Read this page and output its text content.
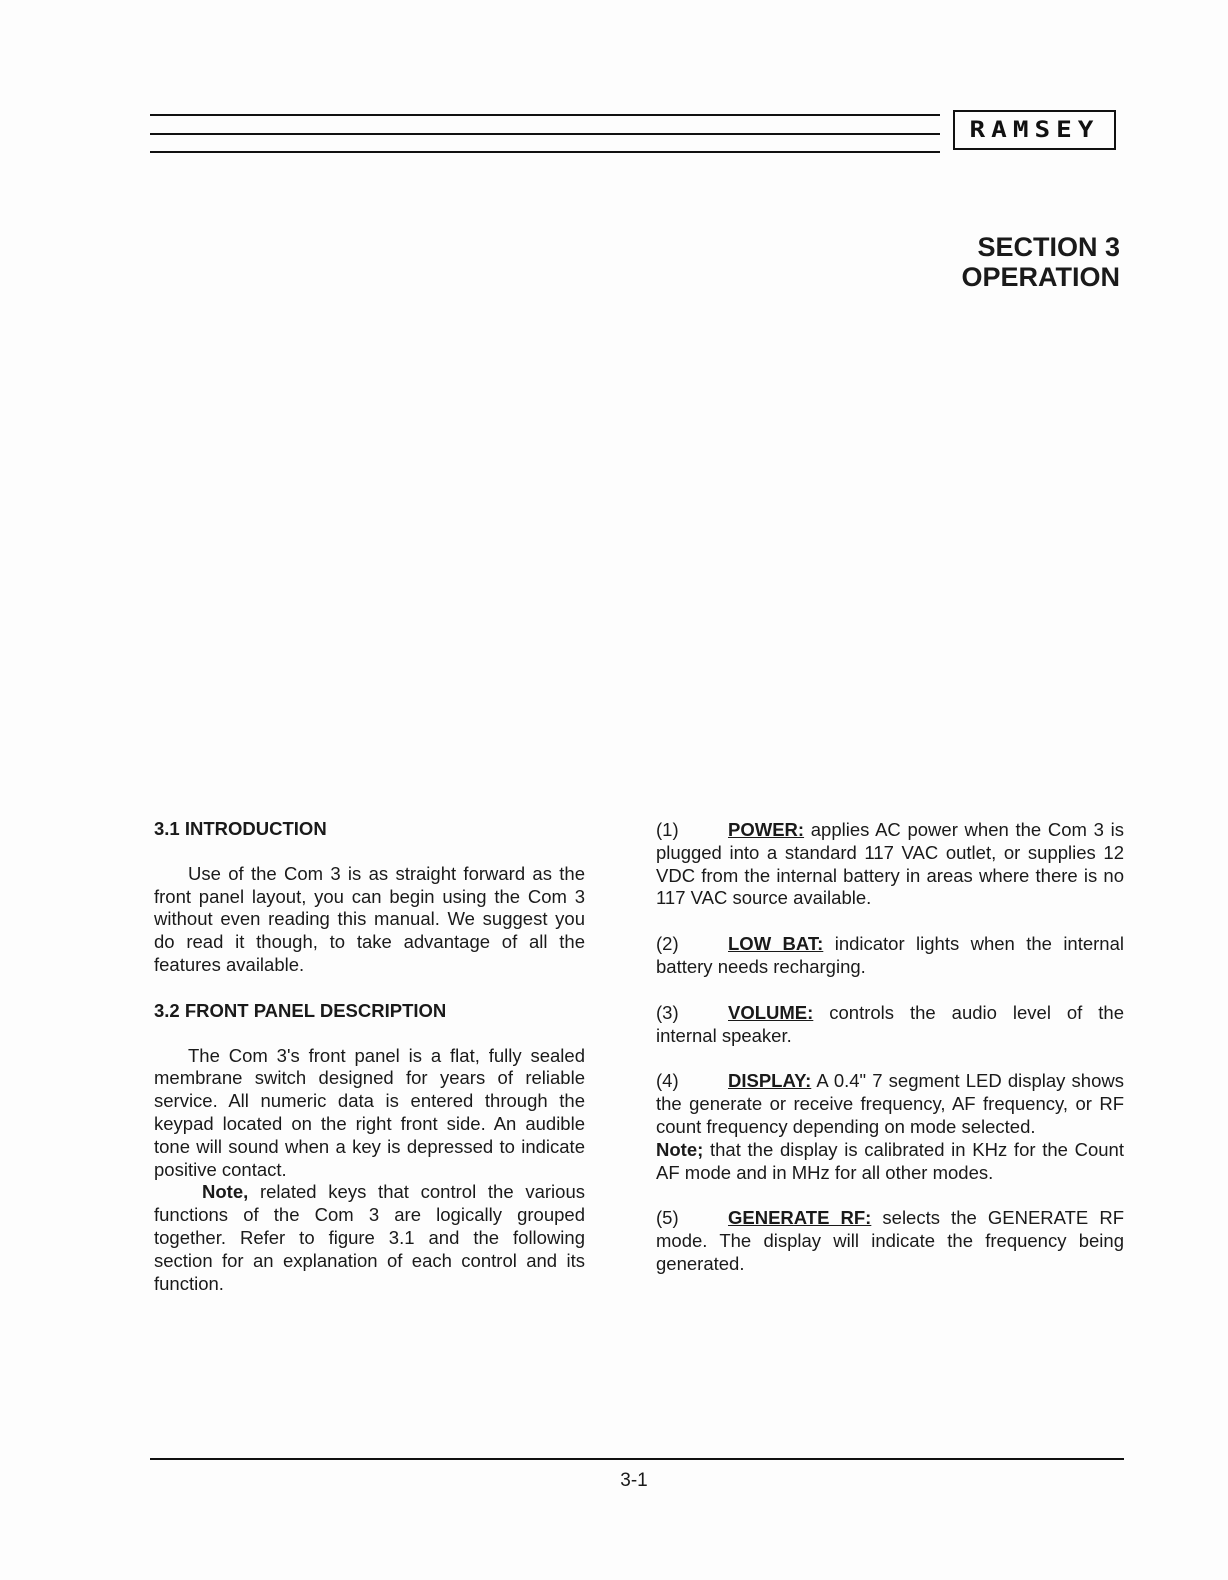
RAMSEY
SECTION 3
OPERATION
3.1 INTRODUCTION

Use of the Com 3 is as straight forward as the front panel layout, you can begin using the Com 3 without even reading this manual. We suggest you do read it though, to take advantage of all the features available.

3.2 FRONT PANEL DESCRIPTION

The Com 3's front panel is a flat, fully sealed membrane switch designed for years of reliable service. All numeric data is entered through the keypad located on the right front side. An audible tone will sound when a key is depressed to indicate positive contact.

Note, related keys that control the various functions of the Com 3 are logically grouped together. Refer to figure 3.1 and the following section for an explanation of each control and its function.

(1)	POWER: applies AC power when the Com 3 is plugged into a standard 117 VAC outlet, or supplies 12 VDC from the internal battery in areas where there is no 117 VAC source available.

(2)	LOW BAT: indicator lights when the internal battery needs recharging.

(3)	VOLUME: controls the audio level of the internal speaker.

(4)	DISPLAY: A 0.4" 7 segment LED display shows the generate or receive frequency, AF frequency, or RF count frequency depending on mode selected.

Note; that the display is calibrated in KHz for the Count AF mode and in MHz for all other modes.

(5)	GENERATE RF: selects the GENERATE RF mode. The display will indicate the frequency being generated.

3-1
